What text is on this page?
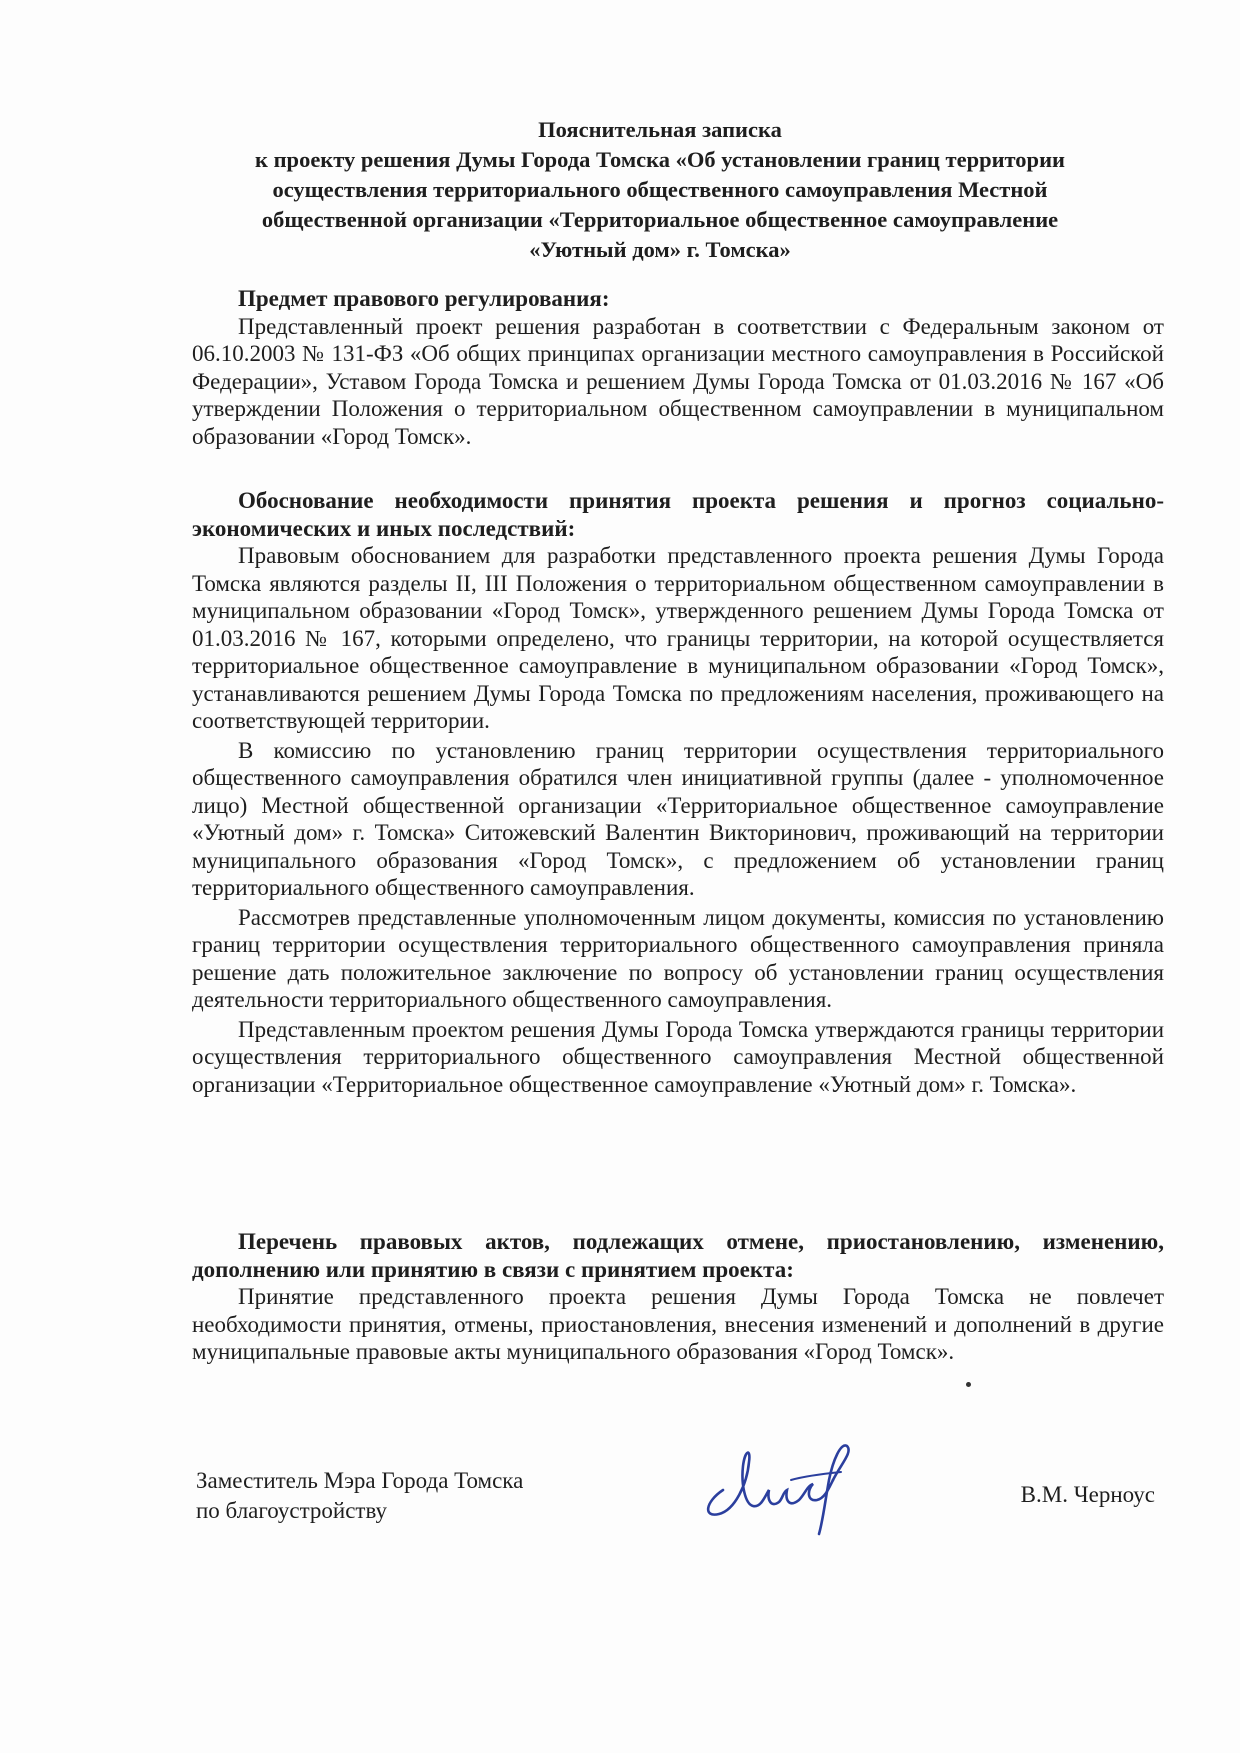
Пояснительная записка
к проекту решения Думы Города Томска «Об установлении границ территории
осуществления территориального общественного самоуправления Местной
общественной организации «Территориальное общественное самоуправление
«Уютный дом» г. Томска»

Предмет правового регулирования:

Представленный проект решения разработан в соответствии с Федеральным законом от 06.10.2003 № 131-ФЗ «Об общих принципах организации местного самоуправления в Российской Федерации», Уставом Города Томска и решением Думы Города Томска от 01.03.2016 № 167 «Об утверждении Положения о территориальном общественном самоуправлении в муниципальном образовании «Город Томск».

Обоснование необходимости принятия проекта решения и прогноз социально-экономических и иных последствий:

Правовым обоснованием для разработки представленного проекта решения Думы Города Томска являются разделы II, III Положения о территориальном общественном самоуправлении в муниципальном образовании «Город Томск», утвержденного решением Думы Города Томска от 01.03.2016 № 167, которыми определено, что границы территории, на которой осуществляется территориальное общественное самоуправление в муниципальном образовании «Город Томск», устанавливаются решением Думы Города Томска по предложениям населения, проживающего на соответствующей территории.

В комиссию по установлению границ территории осуществления территориального общественного самоуправления обратился член инициативной группы (далее - уполномоченное лицо) Местной общественной организации «Территориальное общественное самоуправление «Уютный дом» г. Томска» Ситожевский Валентин Викторинович, проживающий на территории муниципального образования «Город Томск», с предложением об установлении границ территориального общественного самоуправления.

Рассмотрев представленные уполномоченным лицом документы, комиссия по установлению границ территории осуществления территориального общественного самоуправления приняла решение дать положительное заключение по вопросу об установлении границ осуществления деятельности территориального общественного самоуправления.

Представленным проектом решения Думы Города Томска утверждаются границы территории осуществления территориального общественного самоуправления Местной общественной организации «Территориальное общественное самоуправление «Уютный дом» г. Томска».

Перечень правовых актов, подлежащих отмене, приостановлению, изменению, дополнению или принятию в связи с принятием проекта:

Принятие представленного проекта решения Думы Города Томска не повлечет необходимости принятия, отмены, приостановления, внесения изменений и дополнений в другие муниципальные правовые акты муниципального образования «Город Томск».

Заместитель Мэра Города Томска
по благоустройству
В.М. Черноус
